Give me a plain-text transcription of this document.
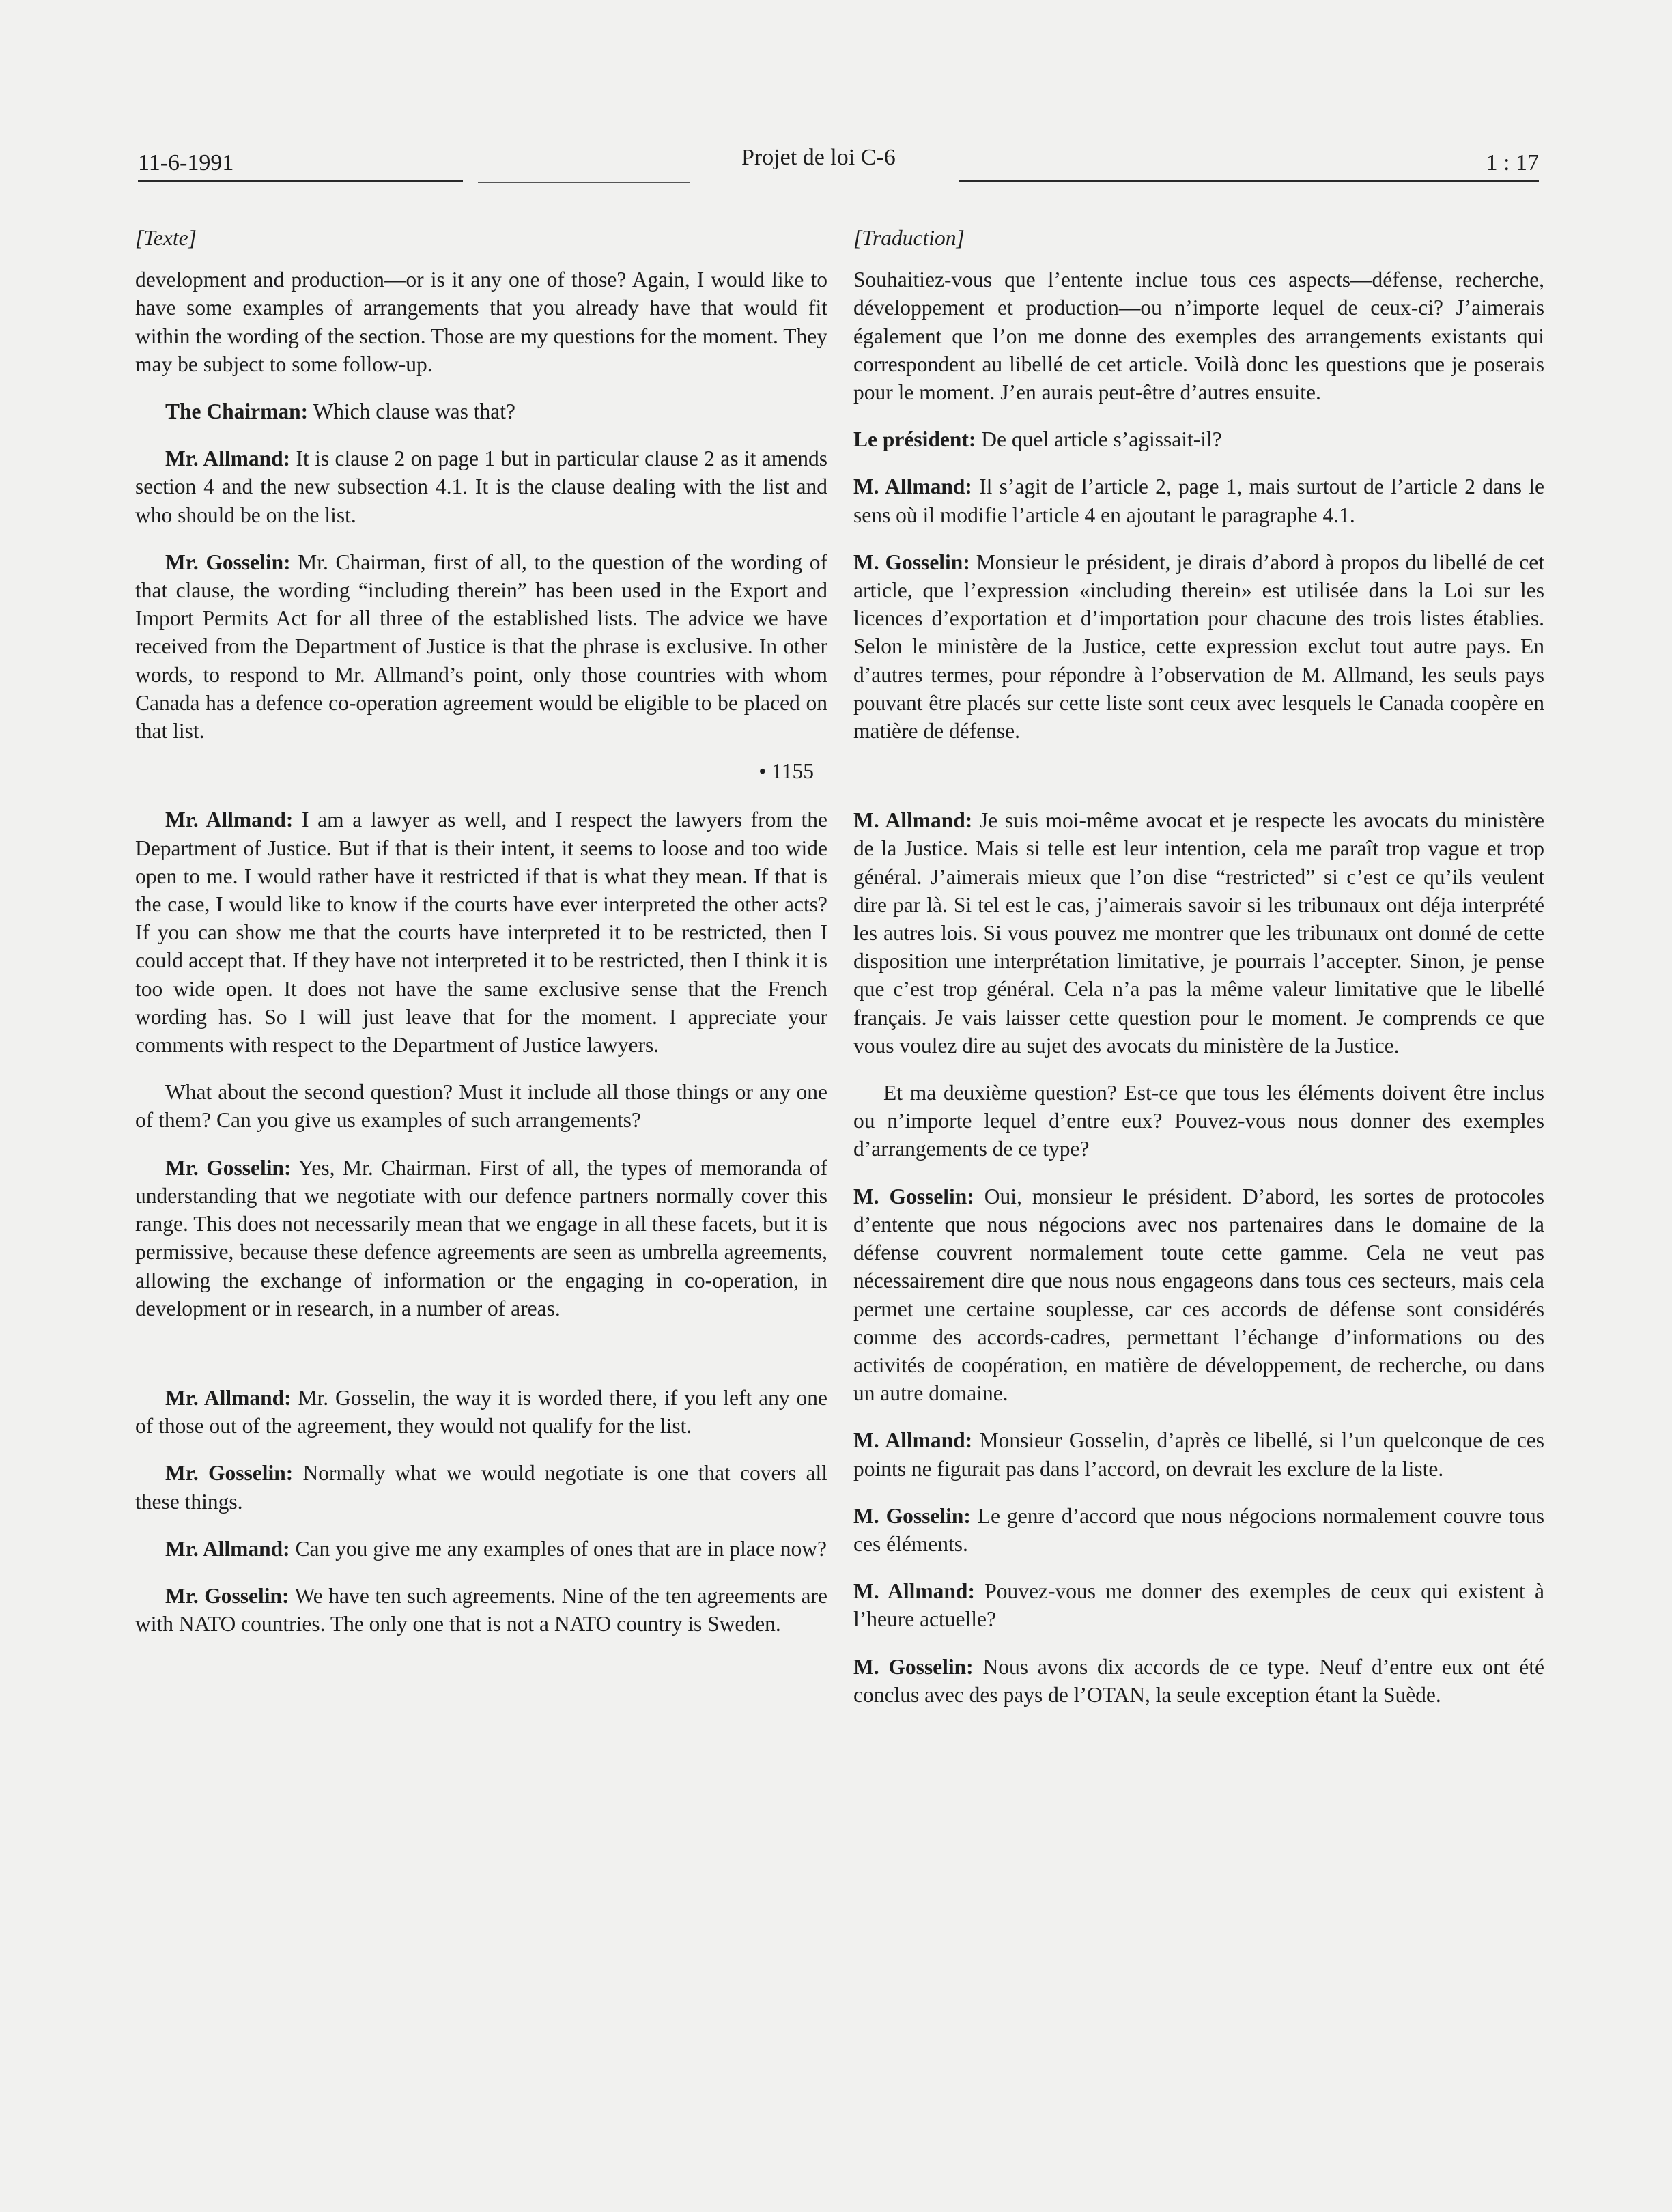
11-6-1991	Projet de loi C-6	1 : 17

[Texte]

development and production—or is it any one of those? Again, I would like to have some examples of arrangements that you already have that would fit within the wording of the section. Those are my questions for the moment. They may be subject to some follow-up.

The Chairman: Which clause was that?

Mr. Allmand: It is clause 2 on page 1 but in particular clause 2 as it amends section 4 and the new subsection 4.1. It is the clause dealing with the list and who should be on the list.

Mr. Gosselin: Mr. Chairman, first of all, to the question of the wording of that clause, the wording “including therein” has been used in the Export and Import Permits Act for all three of the established lists. The advice we have received from the Department of Justice is that the phrase is exclusive. In other words, to respond to Mr. Allmand’s point, only those countries with whom Canada has a defence co-operation agreement would be eligible to be placed on that list.

• 1155

Mr. Allmand: I am a lawyer as well, and I respect the lawyers from the Department of Justice. But if that is their intent, it seems to loose and too wide open to me. I would rather have it restricted if that is what they mean. If that is the case, I would like to know if the courts have ever interpreted the other acts? If you can show me that the courts have interpreted it to be restricted, then I could accept that. If they have not interpreted it to be restricted, then I think it is too wide open. It does not have the same exclusive sense that the French wording has. So I will just leave that for the moment. I appreciate your comments with respect to the Department of Justice lawyers.

What about the second question? Must it include all those things or any one of them? Can you give us examples of such arrangements?

Mr. Gosselin: Yes, Mr. Chairman. First of all, the types of memoranda of understanding that we negotiate with our defence partners normally cover this range. This does not necessarily mean that we engage in all these facets, but it is permissive, because these defence agreements are seen as umbrella agreements, allowing the exchange of information or the engaging in co-operation, in development or in research, in a number of areas.

Mr. Allmand: Mr. Gosselin, the way it is worded there, if you left any one of those out of the agreement, they would not qualify for the list.

Mr. Gosselin: Normally what we would negotiate is one that covers all these things.

Mr. Allmand: Can you give me any examples of ones that are in place now?

Mr. Gosselin: We have ten such agreements. Nine of the ten agreements are with NATO countries. The only one that is not a NATO country is Sweden.

[Traduction]

Souhaitiez-vous que l’entente inclue tous ces aspects—défense, recherche, développement et production—ou n’importe lequel de ceux-ci? J’aimerais également que l’on me donne des exemples des arrangements existants qui correspondent au libellé de cet article. Voilà donc les questions que je poserais pour le moment. J’en aurais peut-être d’autres ensuite.

Le président: De quel article s’agissait-il?

M. Allmand: Il s’agit de l’article 2, page 1, mais surtout de l’article 2 dans le sens où il modifie l’article 4 en ajoutant le paragraphe 4.1.

M. Gosselin: Monsieur le président, je dirais d’abord à propos du libellé de cet article, que l’expression «including therein» est utilisée dans la Loi sur les licences d’exportation et d’importation pour chacune des trois listes établies. Selon le ministère de la Justice, cette expression exclut tout autre pays. En d’autres termes, pour répondre à l’observation de M. Allmand, les seuls pays pouvant être placés sur cette liste sont ceux avec lesquels le Canada coopère en matière de défense.

M. Allmand: Je suis moi-même avocat et je respecte les avocats du ministère de la Justice. Mais si telle est leur intention, cela me paraît trop vague et trop général. J’aimerais mieux que l’on dise “restricted” si c’est ce qu’ils veulent dire par là. Si tel est le cas, j’aimerais savoir si les tribunaux ont déja interprété les autres lois. Si vous pouvez me montrer que les tribunaux ont donné de cette disposition une interprétation limitative, je pourrais l’accepter. Sinon, je pense que c’est trop général. Cela n’a pas la même valeur limitative que le libellé français. Je vais laisser cette question pour le moment. Je comprends ce que vous voulez dire au sujet des avocats du ministère de la Justice.

Et ma deuxième question? Est-ce que tous les éléments doivent être inclus ou n’importe lequel d’entre eux? Pouvez-vous nous donner des exemples d’arrangements de ce type?

M. Gosselin: Oui, monsieur le président. D’abord, les sortes de protocoles d’entente que nous négocions avec nos partenaires dans le domaine de la défense couvrent normalement toute cette gamme. Cela ne veut pas nécessairement dire que nous nous engageons dans tous ces secteurs, mais cela permet une certaine souplesse, car ces accords de défense sont considérés comme des accords-cadres, permettant l’échange d’informations ou des activités de coopération, en matière de développement, de recherche, ou dans un autre domaine.

M. Allmand: Monsieur Gosselin, d’après ce libellé, si l’un quelconque de ces points ne figurait pas dans l’accord, on devrait les exclure de la liste.

M. Gosselin: Le genre d’accord que nous négocions normalement couvre tous ces éléments.

M. Allmand: Pouvez-vous me donner des exemples de ceux qui existent à l’heure actuelle?

M. Gosselin: Nous avons dix accords de ce type. Neuf d’entre eux ont été conclus avec des pays de l’OTAN, la seule exception étant la Suède.
